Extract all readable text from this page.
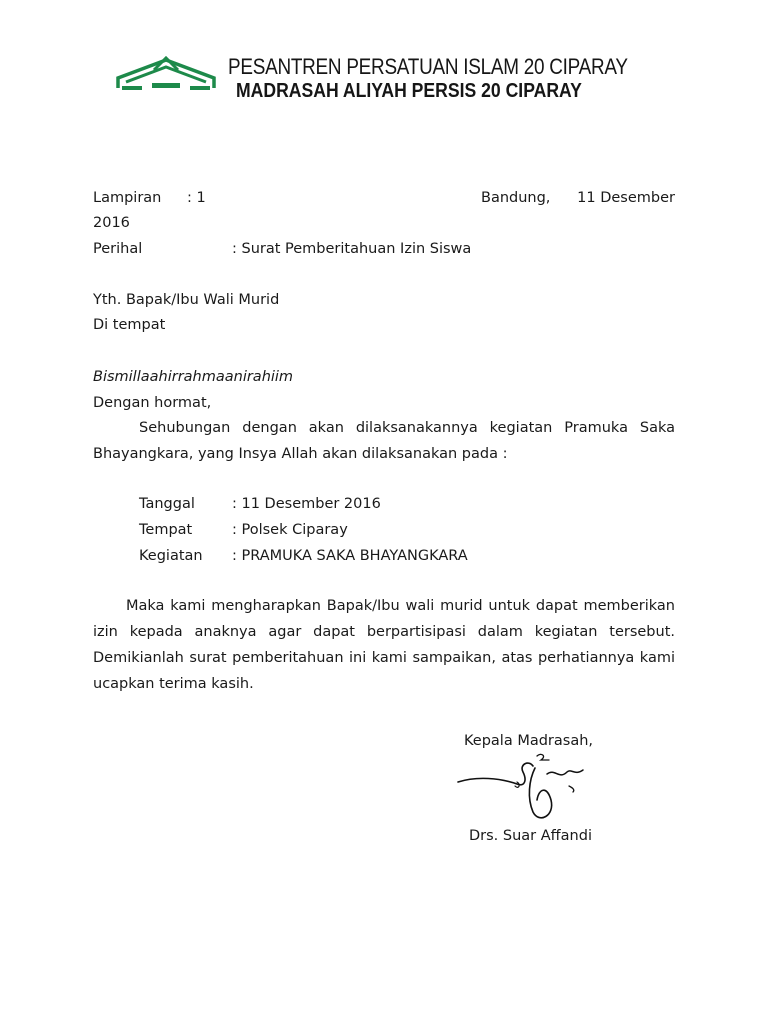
PESANTREN PERSATUAN ISLAM 20 CIPARAY
MADRASAH ALIYAH PERSIS 20 CIPARAY
Lampiran : 1	Bandung,	11 Desember
2016
Perihal	: Surat Pemberitahuan Izin Siswa
Yth. Bapak/Ibu Wali Murid
Di tempat
Bismillaahirrahmaanirahiim
Dengan hormat,
Sehubungan dengan akan dilaksanakannya kegiatan Pramuka Saka Bhayangkara, yang Insya Allah akan dilaksanakan pada :
Tanggal	: 11 Desember 2016
Tempat	: Polsek Ciparay
Kegiatan : PRAMUKA SAKA BHAYANGKARA
Maka kami mengharapkan Bapak/Ibu wali murid untuk dapat memberikan izin kepada anaknya agar dapat berpartisipasi dalam kegiatan tersebut. Demikianlah surat pemberitahuan ini kami sampaikan, atas perhatiannya kami ucapkan terima kasih.
Kepala Madrasah,
Drs. Suar Affandi
